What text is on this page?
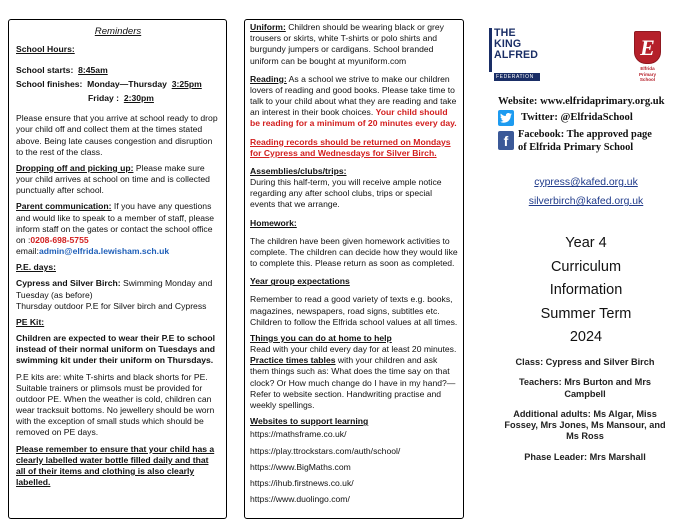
Reminders

School Hours:

School starts: 8:45am

School finishes: Monday—Thursday 3:25pm

Friday : 2:30pm

Please ensure that you arrive at school ready to drop your child off and collect them at the times stated above. Being late causes congestion and disruption to the rest of the class.

Dropping off and picking up: Please make sure your child arrives at school on time and is collected punctually after school.

Parent communication: If you have any questions and would like to speak to a member of staff, please inform staff on the gates or contact the school office on :0208-698-5755

email:admin@elfrida.lewisham.sch.uk

P.E. days:

Cypress and Silver Birch: Swimming Monday and Tuesday (as before)

Thursday outdoor P.E for Silver birch and Cypress

PE Kit:

Children are expected to wear their P.E to school instead of their normal uniform on Tuesdays and swimming kit under their uniform on Thursdays.

P.E kits are: white T-shirts and black shorts for PE. Suitable trainers or plimsols must be provided for outdoor PE. When the weather is cold, children can wear tracksuit bottoms. No jewellery should be worn with the exception of small studs which should be removed on PE days.

Please remember to ensure that your child has a clearly labelled water bottle filled daily and that all of their items and clothing is also clearly labelled.

Uniform: Children should be wearing black or grey trousers or skirts, white T-shirts or polo shirts and burgundy jumpers or cardigans. School branded uniform can be bought at myuniform.com

Reading: As a school we strive to make our children lovers of reading and good books. Please take time to talk to your child about what they are reading and take an interest in their book choices. Your child should be reading for a minimum of 20 minutes every day.

Reading records should be returned on Mondays for Cypress and Wednesdays for Silver Birch.

Assemblies/clubs/trips:

During this half-term, you will receive ample notice regarding any after school clubs, trips or special events that we arrange.

Homework:

The children have been given homework activities to complete. The children can decide how they would like to complete this. Please return as soon as completed.

Year group expectations

Remember to read a good variety of texts e.g. books, magazines, newspapers, road signs, subtitles etc. Children to follow the Elfrida school values at all times.

Things you can do at home to help

Read with your child every day for at least 20 minutes. Practice times tables with your children and ask them things such as: What does the time say on that clock? Or How much change do I have in my hand?— Refer to website section. Handwriting practise and weekly spellings.

Websites to support learning

https://mathsframe.co.uk/

https://play.ttrockstars.com/auth/school/

https://www.BigMaths.com

https://ihub.firstnews.co.uk/

https://www.duolingo.com/

THE
KING
ALFRED
FEDERATION
E
Elfrida
Primary
School
Website: www.elfridaprimary.org.uk
Twitter: @ElfridaSchool
f Facebook: The approved page
of Elfrida Primary School
cypress@kafed.org.uk
silverbirch@kafed.org.uk
Year 4
Curriculum
Information
Summer Term
2024
Class: Cypress and Silver Birch
Teachers: Mrs Burton and Mrs Campbell
Additional adults: Ms Algar, Miss Fossey, Mrs Jones, Ms Mansour, and Ms Ross
Phase Leader: Mrs Marshall
